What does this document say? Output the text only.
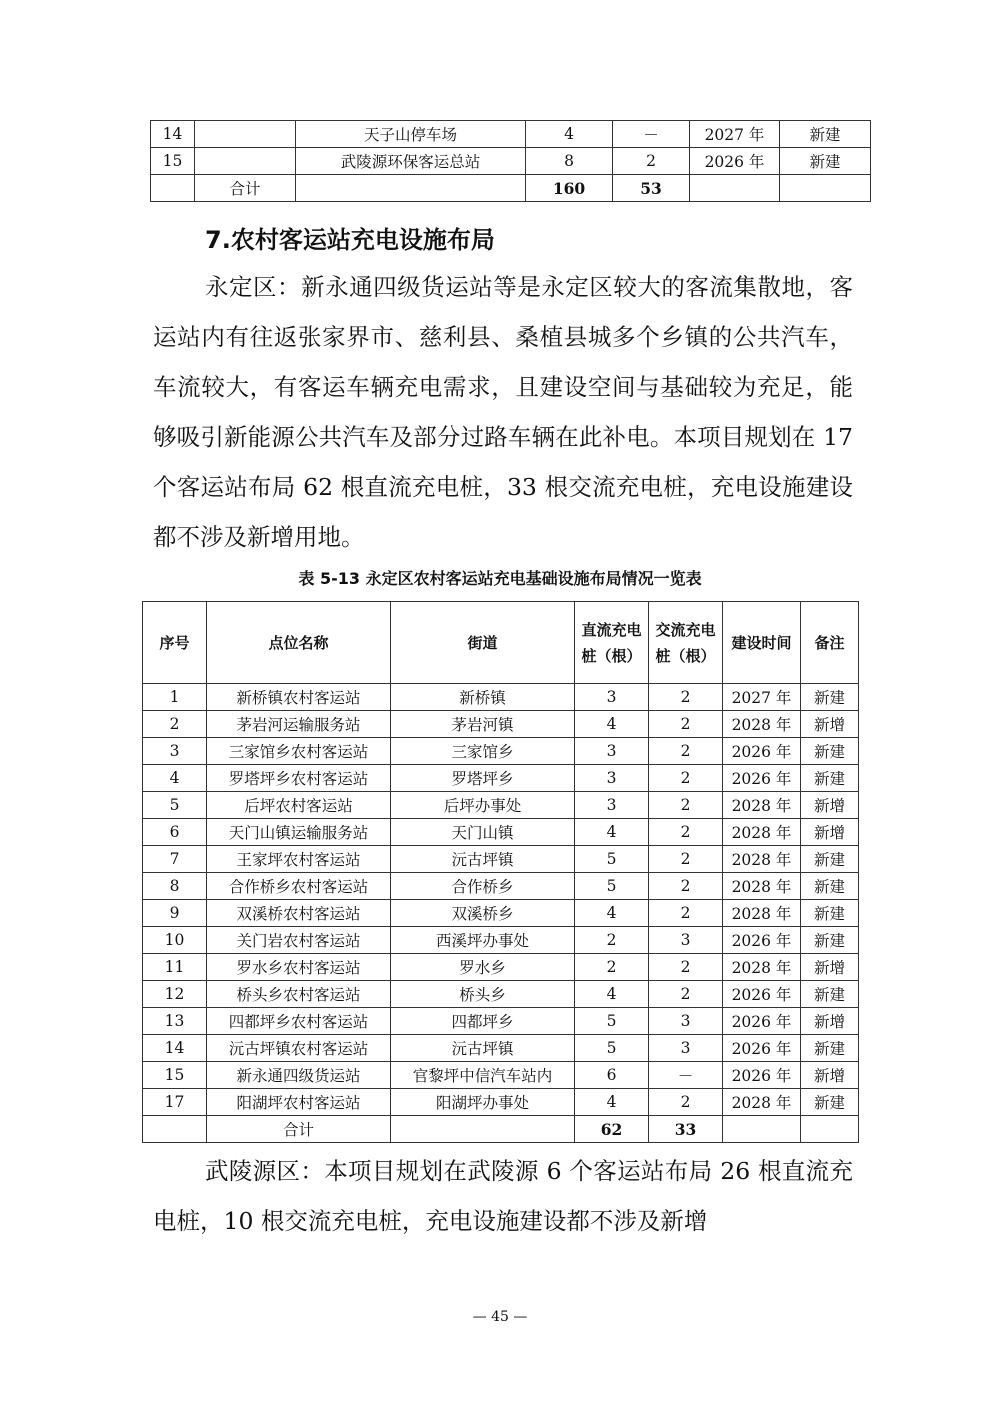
14		天子山停车场	4	－	2027 年	新建
15		武陵源环保客运总站	8	2	2026 年	新建
	合计		160	53		
7.农村客运站充电设施布局
永定区：新永通四级货运站等是永定区较大的客流集散地，客运站内有往返张家界市、慈利县、桑植县城多个乡镇的公共汽车，车流较大，有客运车辆充电需求，且建设空间与基础较为充足，能够吸引新能源公共汽车及部分过路车辆在此补电。本项目规划在 17 个客运站布局 62 根直流充电桩，33 根交流充电桩，充电设施建设都不涉及新增用地。
表 5-13 永定区农村客运站充电基础设施布局情况一览表
序号	点位名称	街道	直流充电桩（根）	交流充电桩（根）	建设时间	备注
1	新桥镇农村客运站	新桥镇	3	2	2027 年	新建
2	茅岩河运输服务站	茅岩河镇	4	2	2028 年	新增
3	三家馆乡农村客运站	三家馆乡	3	2	2026 年	新建
4	罗塔坪乡农村客运站	罗塔坪乡	3	2	2026 年	新建
5	后坪农村客运站	后坪办事处	3	2	2028 年	新增
6	天门山镇运输服务站	天门山镇	4	2	2028 年	新增
7	王家坪农村客运站	沅古坪镇	5	2	2028 年	新建
8	合作桥乡农村客运站	合作桥乡	5	2	2028 年	新建
9	双溪桥农村客运站	双溪桥乡	4	2	2028 年	新建
10	关门岩农村客运站	西溪坪办事处	2	3	2026 年	新建
11	罗水乡农村客运站	罗水乡	2	2	2028 年	新增
12	桥头乡农村客运站	桥头乡	4	2	2026 年	新建
13	四都坪乡农村客运站	四都坪乡	5	3	2026 年	新增
14	沅古坪镇农村客运站	沅古坪镇	5	3	2026 年	新建
15	新永通四级货运站	官黎坪中信汽车站内	6	－	2026 年	新增
17	阳湖坪农村客运站	阳湖坪办事处	4	2	2028 年	新建
	合计		62	33		
武陵源区：本项目规划在武陵源 6 个客运站布局 26 根直流充电桩，10 根交流充电桩，充电设施建设都不涉及新增
— 45 —
